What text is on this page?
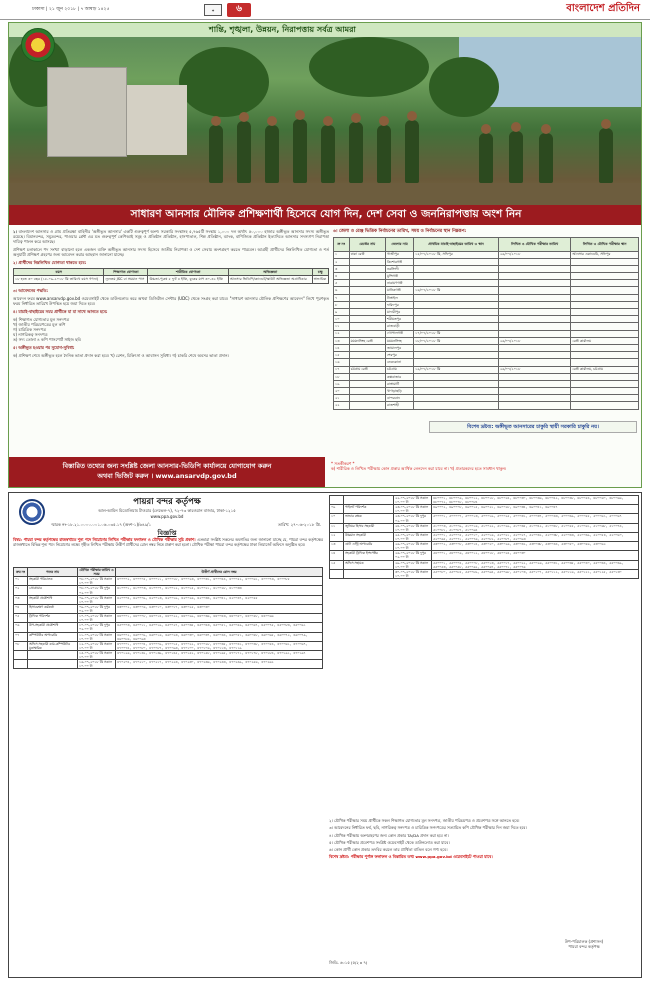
ঢাকাসা | ২১ জুন ২০১৮ | ৭ আষাঢ় ১৪২৫	✦	৬	বাংলাদেশ প্রতিদিন
শান্তি, শৃঙ্খলা, উন্নয়ন, নিরাপত্তায় সর্বত্র আমরা
সাধারণ আনসার মৌলিক প্রশিক্ষণার্থী হিসেবে যোগ দিন, দেশ সেবা ও জননিরাপত্তায় অংশ নিন

১। বাংলাদেশ আনসার ও গ্রাম প্রতিরক্ষা বাহিনীর 'অঙ্গীভূত আনসার' একটি গুরুত্বপূর্ণ অংশ। সরকারি সংস্থাসহ ৫,৭৬৫টি সংস্থায় ১,০০০ দল অর্থাৎ ৫০,০০০ হাজার অঙ্গীভূত আনসার সদস্য অঙ্গীভূত রয়েছে। বিমানবন্দর, সমুদ্রবন্দর, পাওয়ার প্লেন্ট এর মত গুরুত্বপূর্ণ কেপিআই সমূহ ও প্রতিষ্ঠান প্রতিষ্ঠান, হাসপাতাল, শিল্প প্রতিষ্ঠান, ব্যাংক, বাণিজ্যিক প্রতিষ্ঠান ইত্যাদিতে আনসার সদস্যগণ নিরাপত্তা দায়িত্ব পালন করে আসছে।

প্রশিক্ষণ চলাকালে পদ সংখ্যা বাড়ানো হলে একজন ব্যক্তি অঙ্গীভূত আনসার সদস্য হিসেবে জাতীয় নিরাপত্তা ও দেশ সেবায় অংশগ্রহণ করতে পারবেন। আগ্রহী প্রার্থীদের নিম্নলিখিত যোগ্যতা ও শর্ত অনুযায়ী প্রশিক্ষণ গ্রহণের জন্য আবেদন করার আহবান জানানো যাচ্ছে।

২। প্রার্থীদের নিম্নলিখিত যোগ্যতা থাকতে হবে:

বয়স	শিক্ষাগত যোগ্যতা	শারীরিক যোগ্যতা	অভিজ্ঞতা	চক্ষু
১৮ হতে ৩০ বছর (১৮-০৯-২০১৮ খ্রি তারিখে বয়স গণনা)	ন্যূনতম JSC বা সমমান পাস	উচ্চতা-পুরুষ ৫ ফুট ৪ ইঞ্চি, বুকের মাপ ৩০-৩২ ইঞ্চি	আনসার ভিডিপি/ক্যাডেট/স্কাউট অভিজ্ঞতা অগ্রাধিকার	স্বাভাবিক

৩। আবেদনের পদ্ধতি:

আবেদন ফরম www.ansarvdp.gov.bd ওয়েবসাইট থেকে ডাউনলোড করে অথবা ডিজিটাল সেন্টার (UDC) থেকে সংগ্রহ করা যাবে। "সাধারণ আনসার মৌলিক প্রশিক্ষণের আবেদন" লিখে পূরণকৃত ফরম নির্ধারিত তারিখে উপস্থিত হয়ে জমা দিতে হবে।

৪। যাচাই-বাছাইয়ের সময় প্রার্থীকে যা যা সাথে আনতে হবে:

ক) শিক্ষাগত যোগ্যতার মূল সনদপত্র
খ) জাতীয় পরিচয়পত্রের মূল কপি
গ) চারিত্রিক সনদপত্র
ঘ) নাগরিকত্ব সনদপত্র
ঙ) সদ্য তোলা ৪ কপি পাসপোর্ট সাইজ ছবি

৫। অঙ্গীভূত হওয়ার পর সুযোগ-সুবিধা:

ক) প্রশিক্ষণ শেষে অঙ্গীভূত হলে দৈনিক ভাতা প্রদান করা হবে। খ) রেশন, চিকিৎসা ও আবাসন সুবিধা। গ) চাকরি শেষে অবসর ভাতা প্রদান।

৬। জেলা ও রেঞ্জ ভিত্তিক নির্বাচনের তারিখ, সময় ও নির্বাচনের স্থান নিম্নরূপ:
ক্র নং	রেঞ্জের নাম	জেলার নাম	প্রাথমিক যাচাই-বাছাইয়ের তারিখ ও স্থান	লিখিত ও মৌখিক পরীক্ষার তারিখ	লিখিত ও মৌখিক পরীক্ষার স্থান
১	ঢাকা রেঞ্জ	গাজীপুর	১৫/০৭/২০১৮ খ্রি, সফিপুর	২৬/০৭/২০১৮	আনসার একাডেমি, সফিপুর
২		কিশোরগঞ্জ			
৩		নরসিংদী			
৪		মুন্সিগঞ্জ			
৫		নারায়ণগঞ্জ			
৬		মানিকগঞ্জ	১৬/০৭/২০১৮ খ্রি		
৭		টাঙ্গাইল			
৮		ফরিদপুর			
৯		মাদারীপুর			
১০		শরীয়তপুর			
১১		রাজবাড়ী			
১২		গোপালগঞ্জ	১৭/০৭/২০১৮ খ্রি		
১৩	ময়মনসিংহ রেঞ্জ	ময়মনসিংহ	১৮/০৭/২০১৮ খ্রি	২৬/০৭/২০১৮	রেঞ্জ কার্যালয়
১৪		জামালপুর			
১৫		শেরপুর			
১৬		নেত্রকোনা			
১৭	চট্টগ্রাম রেঞ্জ	চট্টগ্রাম	১৯/০৭/২০১৮ খ্রি	২৬/০৭/২০১৮	রেঞ্জ কার্যালয়, চট্টগ্রাম
১৮		কক্সবাজার			
১৯		রাঙ্গামাটি			
২০		খাগড়াছড়ি			
২১		বান্দরবান			
২২		রাজশাহী			
বিশেষ দ্রষ্টব্য: অঙ্গীভূত আনসারের চাকুরি স্থায়ী সরকারি চাকুরি নয়।
বিস্তারিত তথ্যের জন্য সংশ্লিষ্ট জেলা আনসার-ভিডিপি কার্যালয়ে যোগাযোগ করুন
অথবা ভিজিট করুন । www.ansarvdp.gov.bd
* সতর্কীকরণ *
ক) শারীরিক ও লিখিত পরীক্ষায় কোন প্রকার আর্থিক লেনদেন করা যাবে না। খ) প্রতারকদের হতে সাবধান থাকুন।
পায়রা বন্দর কর্তৃপক্ষ
আল-আমিন মিডোলিয়াম টাওয়ার (লেভেল-৭), ৭২-৭৩ কারওয়ান বাজার, ঢাকা-১২১৫
www.ppa.gov.bd
স্মারক নং-১৮.২১.০০০০.০০১.০৬.০৩৫.১৭ (অংশ-১)/৬৪৯/১	তারিখ: ২৭-০৬-২০১৮ খ্রি.
বিজ্ঞপ্তি
বিষয়: পায়রা বন্দর কর্তৃপক্ষের রাজস্বখাতে শূন্য পদে নিয়োগের লিখিত পরীক্ষার ফলাফল ও মৌখিক পরীক্ষার সূচি প্রকাশ। এতদ্বারা সংশ্লিষ্ট সকলের অবগতির জন্য জানানো যাচ্ছে যে, পায়রা বন্দর কর্তৃপক্ষের রাজস্বখাতে বিভিন্ন শূন্য পদে নিয়োগের লক্ষ্যে গৃহীত লিখিত পরীক্ষায় উত্তীর্ণ প্রার্থীদের রোল নম্বর নিম্নে প্রকাশ করা হলো। মৌখিক পরীক্ষা পায়রা বন্দর কর্তৃপক্ষের ঢাকা লিয়াজোঁ অফিসে অনুষ্ঠিত হবে।
ক্রম নং	পদের নাম	মৌখিক পরীক্ষার তারিখ ও সময়	উত্তীর্ণ প্রার্থীদের রোল নম্বর
০১	সহকারী পরিচালক	০৮-০৭-২০১৮ খ্রি সকাল ১০.০০ টা	৪০০০০২, ৪০০০০৫, ৪০০০১১, ৪০০০১৮, ৪০০০২৩, ৪০০০৩১, ৪০০০৪৪, ৪০০০৫২, ৪০০০৬১, ৪০০০৭৩, ৪০০০৮৫
০২	প্রোগ্রামার	০৮-০৭-২০১৮ খ্রি দুপুর ০২.০০ টা	৪১০০০১, ৪১০০০৩, ৪১০০০৭, ৪১০০১২, ৪১০০১৫, ৪১০০২১, ৪১০০২৮, ৪১০০৩৩
০৩	সহকারী প্রকৌশলী	০৯-০৭-২০১৮ খ্রি সকাল ১০.০০ টা	৪২০০০৪, ৪২০০০৯, ৪২০০১৩, ৪২০০১৯, ৪২০০২৬, ৪২০০৩৪, ৪২০০৪১, ৪২০০৪৭, ৪২০০৫৫
০৪	হিসাবরক্ষণ কর্মকর্তা	০৯-০৭-২০১৮ খ্রি দুপুর ০২.০০ টা	৪৩০০০২, ৪৩০০০৬, ৪৩০০১০, ৪৩০০১৭, ৪৩০০২৫, ৪৩০০৩০
০৫	ট্রাফিক পরিদর্শক	১০-০৭-২০১৮ খ্রি সকাল ১০.০০ টা	৪৪০০০১, ৪৪০০০৮, ৪৪০০১৪, ৪৪০০২২, ৪৪০০২৯, ৪৪০০৩৬, ৪৪০০৪৩, ৪৪০০৫০, ৪৪০০৫৮, ৪৪০০৬৬
০৬	উপ-সহকারী প্রকৌশলী	১০-০৭-২০১৮ খ্রি দুপুর ০২.০০ টা	৪৫০০০৩, ৪৫০০১১, ৪৫০০১৯, ৪৫০০২৭, ৪৫০০৩৫, ৪৫০০৪৩, ৪৫০০৫১, ৪৫০০৫৯, ৪৫০০৬৭, ৪৫০০৭৫, ৪৫০০৮৩, ৪৫০০৯১
০৭	কম্পিউটার অপারেটর	১১-০৭-২০১৮ খ্রি সকাল ১০.০০ টা	৪৬০০০২, ৪৬০০০৯, ৪৬০০১৬, ৪৬০০২৩, ৪৬০০৩০, ৪৬০০৩৭, ৪৬০০৪৪, ৪৬০০৫১, ৪৬০০৫৮, ৪৬০০৬৫, ৪৬০০৭২, ৪৬০০৭৯, ৪৬০০৮৬, ৪৬০০৯৩
০৮	অফিস সহকারী কাম-কম্পিউটার মুদ্রাক্ষরিক	১২-০৭-২০১৮ খ্রি সকাল ১০.০০ টা	৪৭০০০১, ৪৭০০০৪, ৪৭০০০৯, ৪৭০০১৫, ৪৭০০২২, ৪৭০০২৮, ৪৭০০৩৫, ৪৭০০৪১, ৪৭০০৪৮, ৪৭০০৫৪, ৪৭০০৬১, ৪৭০০৬৭, ৪৭০০৭৪, ৪৭০০৮০, ৪৭০০৮৭, ৪৭০০৯৩, ৪৭০১০০, ৪৭০১০৬, ৪৭০১১৩, ৪৭০১১৯
		১৫-০৭-২০১৮ খ্রি সকাল ১০.০০ টা	৪৭০১২৬, ৪৭০১৩২, ৪৭০১৩৯, ৪৭০১৪৫, ৪৭০১৫২, ৪৭০১৫৮, ৪৭০১৬৫, ৪৭০১৭১, ৪৭০১৭৮, ৪৭০১৮৪, ৪৭০১৯১, ৪৭০১৯৭
		১৬-০৭-২০১৮ খ্রি সকাল ১০.০০ টা	৪৭০২০৪, ৪৭০২১০, ৪৭০২১৭, ৪৭০২২৩, ৪৭০২৩০, ৪৭০২৩৬, ৪৭০২৪৩, ৪৭০২৪৯, ৪৭০২৫৬, ৪৭০২৬২
		২২-০৭-২০১৮ খ্রি সকাল ১০.০০ টা	৪৮০০০১, ৪৮০০০৬, ৪৮০০১২, ৪৮০০১৮, ৪৮০০২৪, ৪৮০০৩০, ৪৮০০৩৬, ৪৮০০৪২, ৪৮০০৪৮, ৪৮০০৫৪, ৪৮০০৬০, ৪৮০০৬৬, ৪৮০০৭২, ৪৮০০৭৮, ৪৮০০৮৪
০৯	পাইলট পরিদর্শক	২৩-০৭-২০১৮ খ্রি সকাল ১০.০০ টা	৪৯০০০২, ৪৯০০০৮, ৪৯০০১৫, ৪৯০০২১, ৪৯০০২৮, ৪৯০০৩৪, ৪৯০০৪১, ৪৯০০৪৭
১০	ভান্ডার রক্ষক	২৩-০৭-২০১৮ খ্রি দুপুর ০২.০০ টা	৫০০০০১, ৫০০০০৭, ৫০০০১৩, ৫০০০১৯, ৫০০০২৫, ৫০০০৩১, ৫০০০৩৭, ৫০০০৪৩, ৫০০০৪৯, ৫০০০৫৫, ৫০০০৬১, ৫০০০৬৭
১১	জুনিয়র হিসাব সহকারী	২৪-০৭-২০১৮ খ্রি সকাল ১০.০০ টা	৫১০০০৩, ৫১০০০৯, ৫১০০১৬, ৫১০০২২, ৫১০০২৯, ৫১০০৩৫, ৫১০০৪২, ৫১০০৪৮, ৫১০০৫৫, ৫১০০৬১, ৫১০০৬৮, ৫১০০৭৪, ৫১০০৮১, ৫১০০৮৭, ৫১০০৯৪
১২	উচ্চমান সহকারী	২৫-০৭-২০১৮ খ্রি সকাল ১০.০০ টা	৫২০০০১, ৫২০০০৫, ৫২০০১০, ৫২০০১৬, ৫২০০২১, ৫২০০২৭, ৫২০০৩২, ৫২০০৩৮, ৫২০০৪৩, ৫২০০৪৯, ৫২০০৫৪, ৫২০০৬০, ৫২০০৬৫, ৫২০০৭১, ৫২০০৭৬, ৫২০০৮২, ৫২০০৮৭, ৫২০০৯৩
১৩	ডাটা এন্ট্রি অপারেটর	২৬-০৭-২০১৮ খ্রি সকাল ১০.০০ টা	৫৩০০০২, ৫৩০০০৮, ৫৩০০১৪, ৫৩০০২০, ৫৩০০২৬, ৫৩০০৩২, ৫৩০০৩৮, ৫৩০০৪৪, ৫৩০০৫০, ৫৩০০৫৬, ৫৩০০৬২
১৪	সহকারী ট্রাফিক ইন্সপেক্টর	২৬-০৭-২০১৮ খ্রি দুপুর ০২.০০ টা	৫৪০০০১, ৫৪০০০৬, ৫৪০০১২, ৫৪০০১৮, ৫৪০০২৪, ৫৪০০৩০
১৫	অফিস সহায়ক	২৯-০৭-২০১৮ খ্রি সকাল ১০.০০ টা	৫৫০০০১, ৫৫০০০৪, ৫৫০০০৮, ৫৫০০১৩, ৫৫০০১৭, ৫৫০০২২, ৫৫০০২৬, ৫৫০০৩১, ৫৫০০৩৫, ৫৫০০৪০, ৫৫০০৪৪, ৫৫০০৪৯, ৫৫০০৫৩, ৫৫০০৫৮, ৫৫০০৬২, ৫৫০০৬৭, ৫৫০০৭১, ৫৫০০৭৬
		৩০-০৭-২০১৮ খ্রি সকাল ১০.০০ টা	৫৫০০৮০, ৫৫০০৮৫, ৫৫০০৮৯, ৫৫০০৯৪, ৫৫০০৯৮, ৫৫০১০৩, ৫৫০১০৭, ৫৫০১১২, ৫৫০১১৬, ৫৫০১২১, ৫৫০১২৫, ৫৫০১৩০

২। মৌখিক পরীক্ষার সময় প্রার্থীকে সকল শিক্ষাগত যোগ্যতার মূল সনদপত্র, জাতীয় পরিচয়পত্র ও প্রবেশপত্র সঙ্গে আনতে হবে।

৩। আবেদনের নির্ধারিত ফর্ম, ছবি, নাগরিকত্ব সনদপত্র ও চারিত্রিক সনদপত্রের সত্যায়িত কপি মৌখিক পরীক্ষার দিন জমা দিতে হবে।

৪। মৌখিক পরীক্ষায় অংশগ্রহণের জন্য কোন প্রকার TA/DA প্রদান করা হবে না।

৫। মৌখিক পরীক্ষার প্রবেশপত্র সংশ্লিষ্ট ওয়েবসাইট থেকে ডাউনলোড করা যাবে।

৬। কোন প্রার্থী কোন প্রকার তদবির করলে তার প্রার্থিতা বাতিল বলে গণ্য হবে।

বিশেষ দ্রষ্টব্য: পরীক্ষার পূর্ণাঙ্গ ফলাফল ও বিস্তারিত তথ্য www.ppa.gov.bd ওয়েবসাইটে পাওয়া যাবে।

উপ-পরিচালক (প্রশাসন)
পায়রা বন্দর কর্তৃপক্ষ
জিডি- ৬০১৫ (৫/২ x ৭)
